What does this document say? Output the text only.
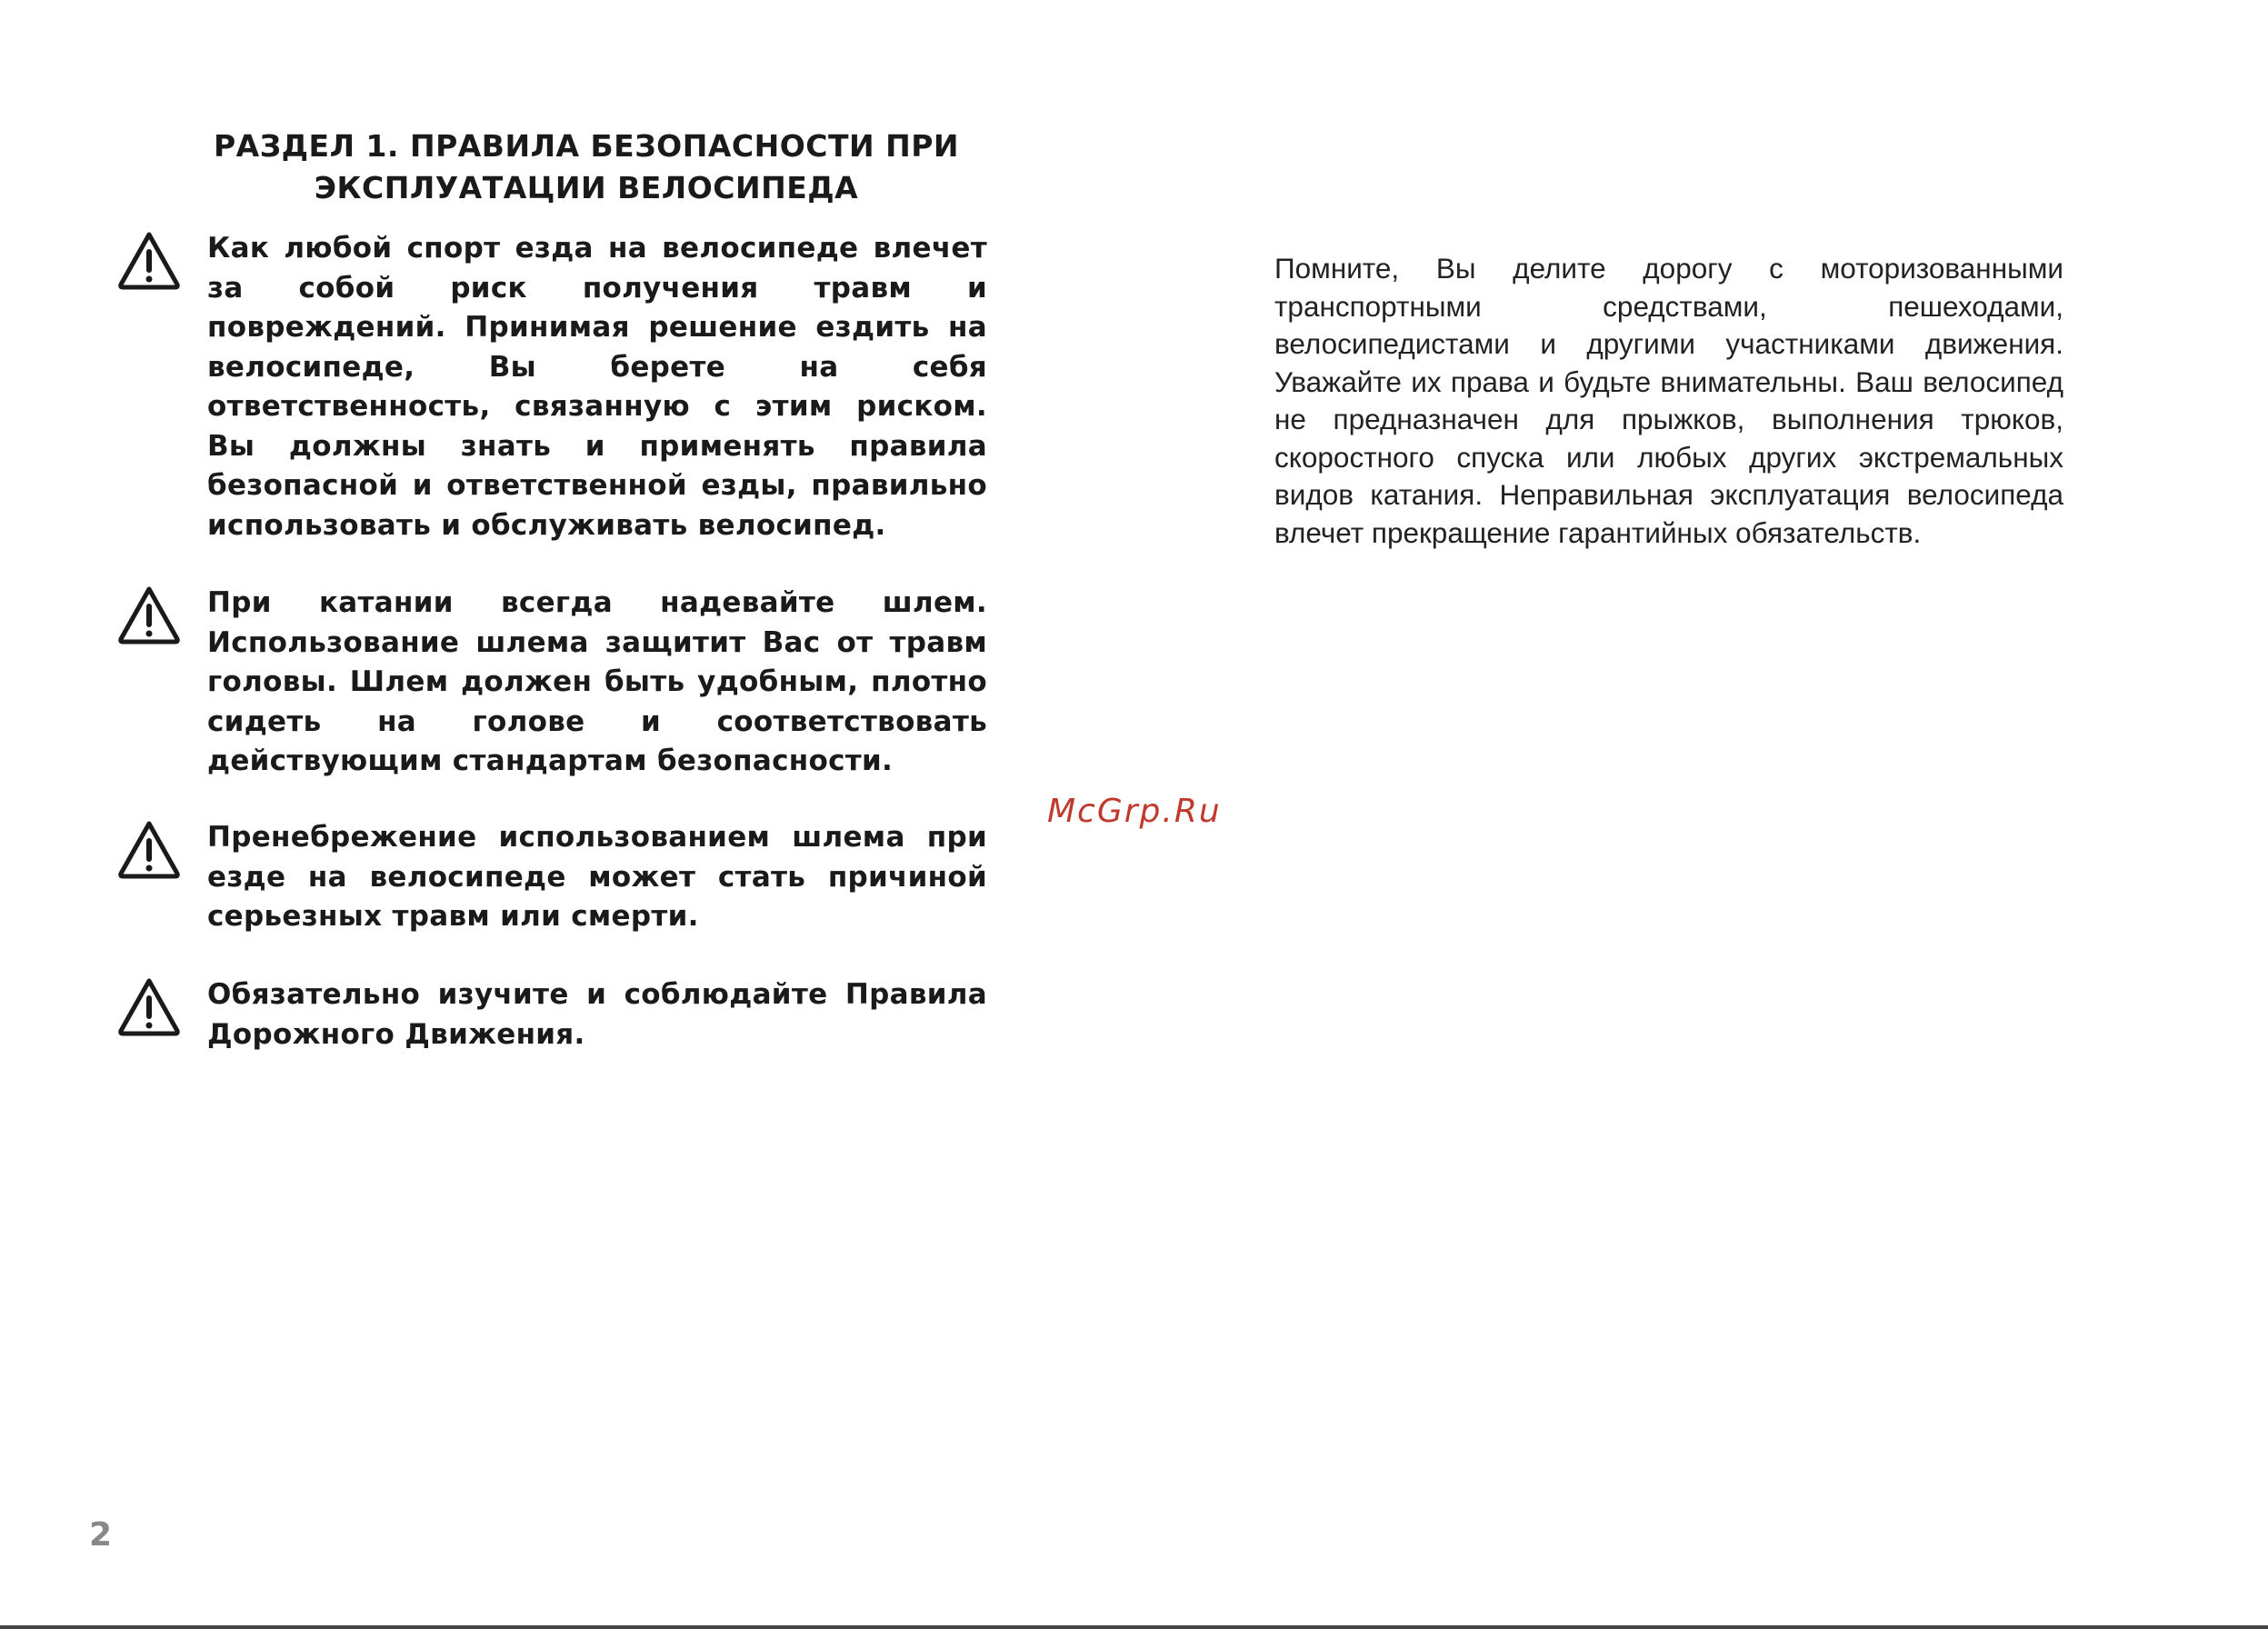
РАЗДЕЛ 1. ПРАВИЛА БЕЗОПАСНОСТИ ПРИ
ЭКСПЛУАТАЦИИ ВЕЛОСИПЕДА

Как любой спорт езда на велосипеде влечет за собой риск получения травм и повреждений. Принимая решение ездить на велосипеде, Вы берете на себя ответственность, связанную с этим риском. Вы должны знать и применять правила безопасной и ответственной езды, правильно использовать и обслуживать велосипед.

При катании всегда надевайте шлем. Использование шлема защитит Вас от травм головы. Шлем должен быть удобным, плотно сидеть на голове и соответствовать действующим стандартам безопасности.

Пренебрежение использованием шлема при езде на велосипеде может стать причиной серьезных травм или смерти.

Обязательно изучите и соблюдайте Правила Дорожного Движения.

Помните, Вы делите дорогу с моторизованными транспортными средствами, пешеходами, велосипедистами и другими участниками движения. Уважайте их права и будьте внимательны. Ваш велосипед не предназначен для прыжков, выполнения трюков, скоростного спуска или любых других экстремальных видов катания. Неправильная эксплуатация велосипеда влечет прекращение гарантийных обязательств.

McGrp.Ru
2
